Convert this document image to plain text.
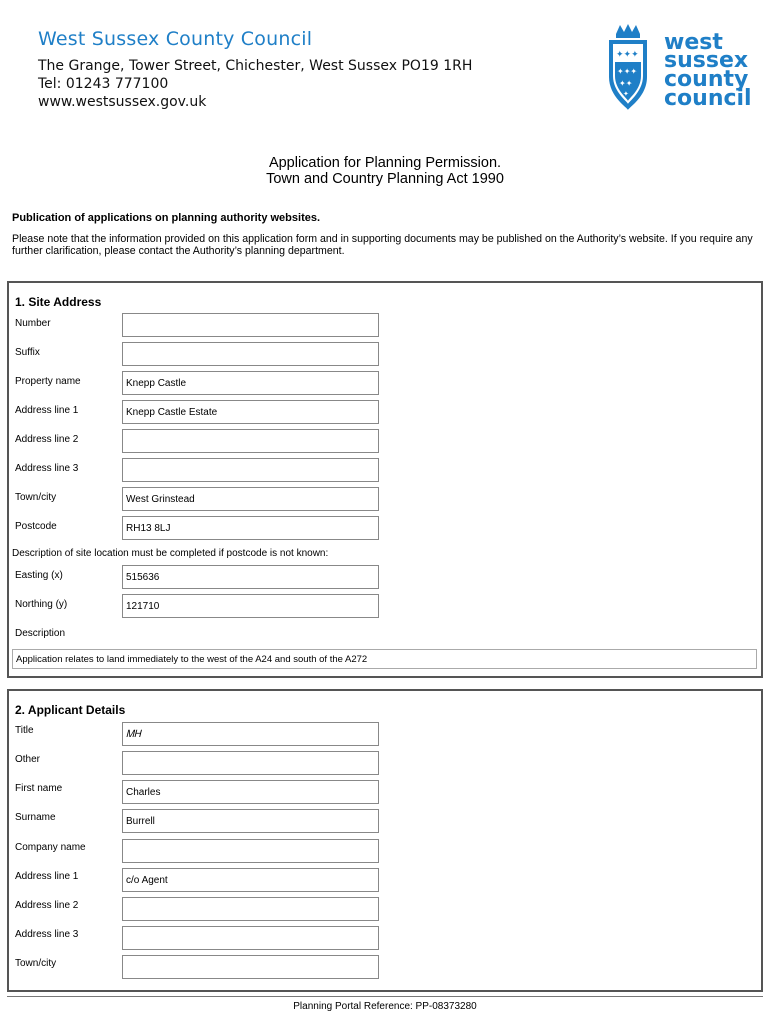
West Sussex County Council
The Grange, Tower Street, Chichester, West Sussex PO19 1RH
Tel: 01243 777100
www.westsussex.gov.uk
✦✦✦
✦✦✦
✦✦
✦
west
sussex
county
council
Application for Planning Permission.
Town and Country Planning Act 1990
Publication of applications on planning authority websites.
Please note that the information provided on this application form and in supporting documents may be published on the Authority’s website. If you require any further clarification, please contact the Authority’s planning department.
1. Site Address
Number
Suffix
Property name	Knepp Castle
Address line 1	Knepp Castle Estate
Address line 2
Address line 3
Town/city	West Grinstead
Postcode	RH13 8LJ
Description of site location must be completed if postcode is not known:
Easting (x)	515636
Northing (y)	121710
Description
Application relates to land immediately to the west of the A24 and south of the A272
2. Applicant Details
Title	ᎷᎻ
Other
First name	Charles
Surname	Burrell
Company name
Address line 1	c/o Agent
Address line 2
Address line 3
Town/city
Planning Portal Reference: PP-08373280
